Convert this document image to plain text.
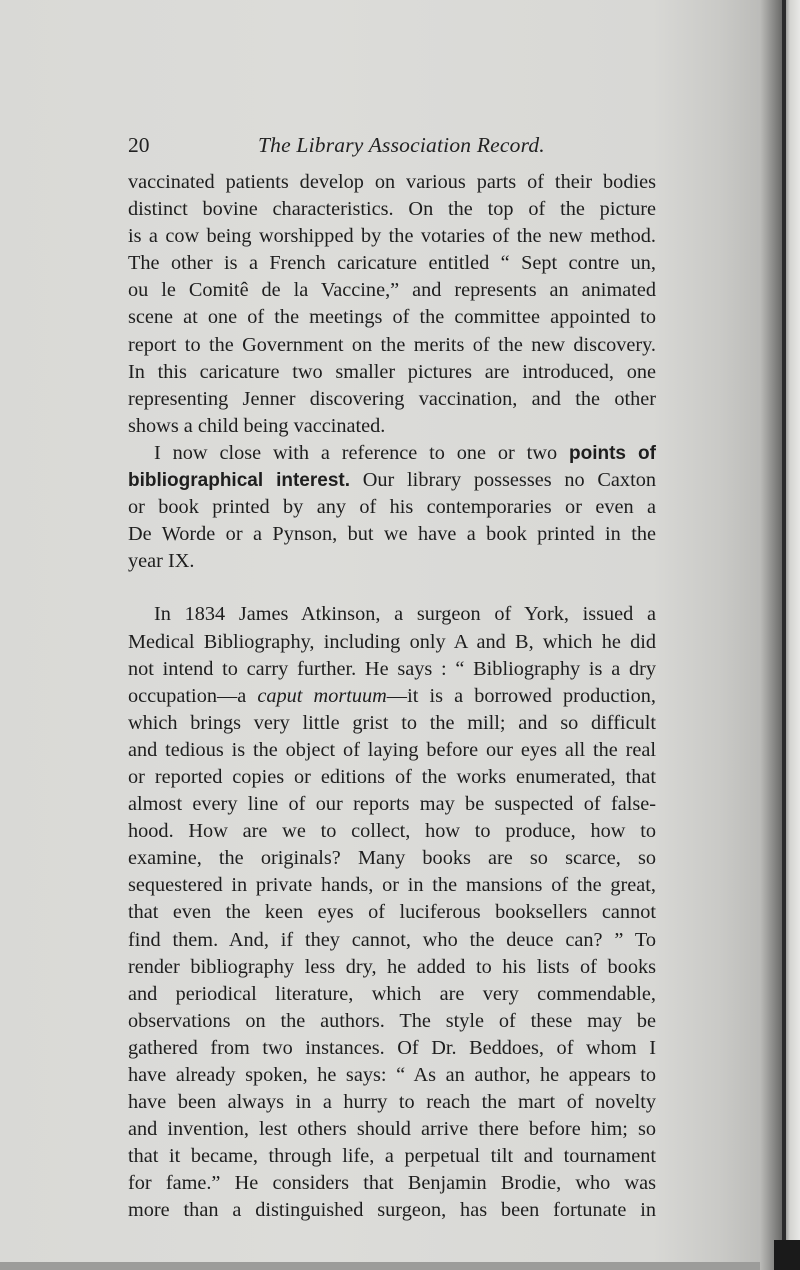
20	The Library Association Record.
vaccinated patients develop on various parts of their bodies
distinct bovine characteristics. On the top of the picture
is a cow being worshipped by the votaries of the new method.
The other is a French caricature entitled “ Sept contre un,
ou le Comitê de la Vaccine,” and represents an animated
scene at one of the meetings of the committee appointed to
report to the Government on the merits of the new discovery.
In this caricature two smaller pictures are introduced, one
representing Jenner discovering vaccination, and the other
shows a child being vaccinated.
I now close with a reference to one or two points of
bibliographical interest. Our library possesses no Caxton
or book printed by any of his contemporaries or even a
De Worde or a Pynson, but we have a book printed in the
year IX.
In 1834 James Atkinson, a surgeon of York, issued a
Medical Bibliography, including only A and B, which he did
not intend to carry further. He says : “ Bibliography is a dry
occupation—a caput mortuum—it is a borrowed production,
which brings very little grist to the mill; and so difficult
and tedious is the object of laying before our eyes all the real
or reported copies or editions of the works enumerated, that
almost every line of our reports may be suspected of false-
hood. How are we to collect, how to produce, how to
examine, the originals? Many books are so scarce, so
sequestered in private hands, or in the mansions of the great,
that even the keen eyes of luciferous booksellers cannot
find them. And, if they cannot, who the deuce can? ” To
render bibliography less dry, he added to his lists of books
and periodical literature, which are very commendable,
observations on the authors. The style of these may be
gathered from two instances. Of Dr. Beddoes, of whom I
have already spoken, he says: “ As an author, he appears to
have been always in a hurry to reach the mart of novelty
and invention, lest others should arrive there before him; so
that it became, through life, a perpetual tilt and tournament
for fame.” He considers that Benjamin Brodie, who was
more than a distinguished surgeon, has been fortunate in
